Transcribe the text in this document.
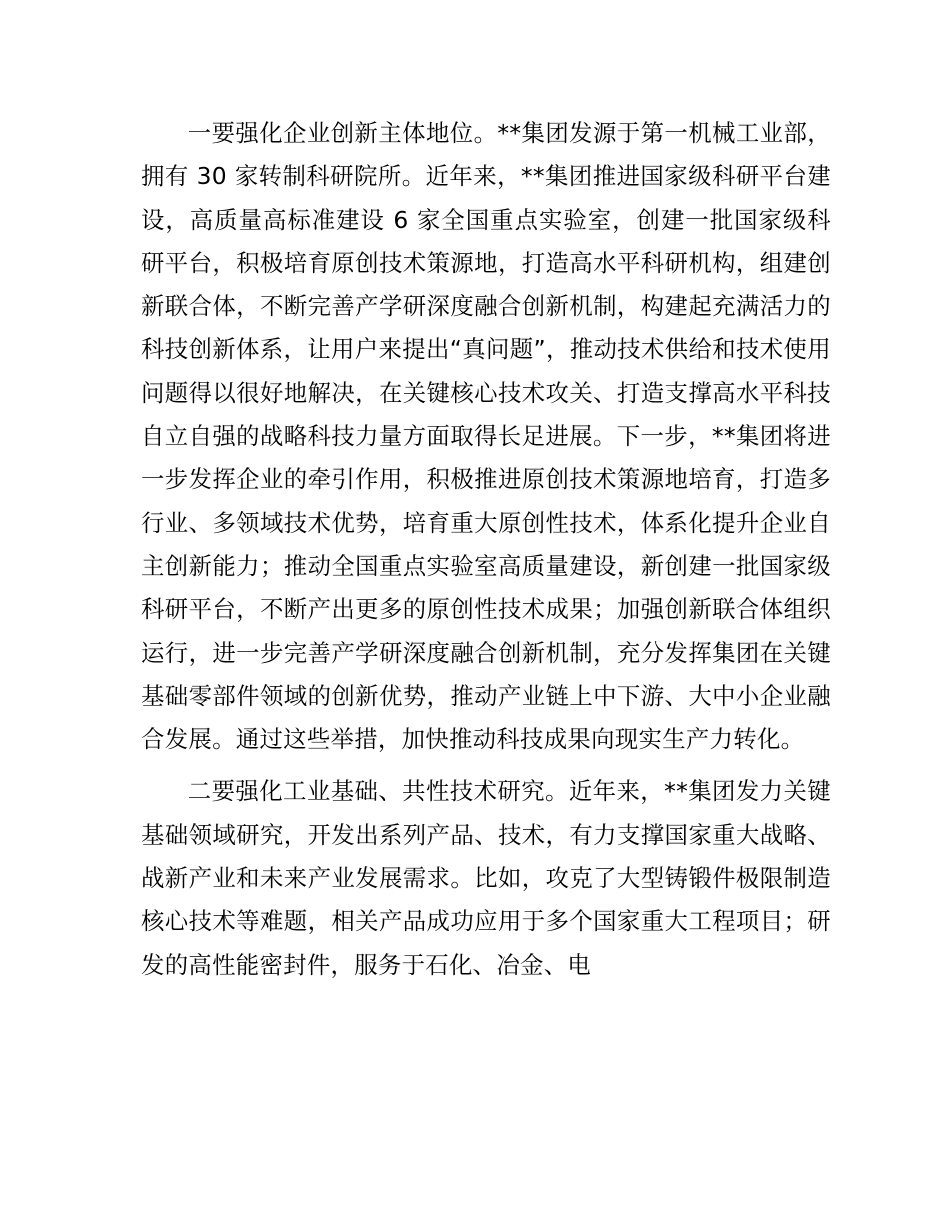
一要强化企业创新主体地位。**集团发源于第一机械工业部，拥有 30 家转制科研院所。近年来，**集团推进国家级科研平台建设，高质量高标准建设 6 家全国重点实验室，创建一批国家级科研平台，积极培育原创技术策源地，打造高水平科研机构，组建创新联合体，不断完善产学研深度融合创新机制，构建起充满活力的科技创新体系，让用户来提出“真问题”，推动技术供给和技术使用问题得以很好地解决，在关键核心技术攻关、打造支撑高水平科技自立自强的战略科技力量方面取得长足进展。下一步，**集团将进一步发挥企业的牵引作用，积极推进原创技术策源地培育，打造多行业、多领域技术优势，培育重大原创性技术，体系化提升企业自主创新能力；推动全国重点实验室高质量建设，新创建一批国家级科研平台，不断产出更多的原创性技术成果；加强创新联合体组织运行，进一步完善产学研深度融合创新机制，充分发挥集团在关键基础零部件领域的创新优势，推动产业链上中下游、大中小企业融合发展。通过这些举措，加快推动科技成果向现实生产力转化。

二要强化工业基础、共性技术研究。近年来，**集团发力关键基础领域研究，开发出系列产品、技术，有力支撑国家重大战略、战新产业和未来产业发展需求。比如，攻克了大型铸锻件极限制造核心技术等难题，相关产品成功应用于多个国家重大工程项目；研发的高性能密封件，服务于石化、冶金、电
